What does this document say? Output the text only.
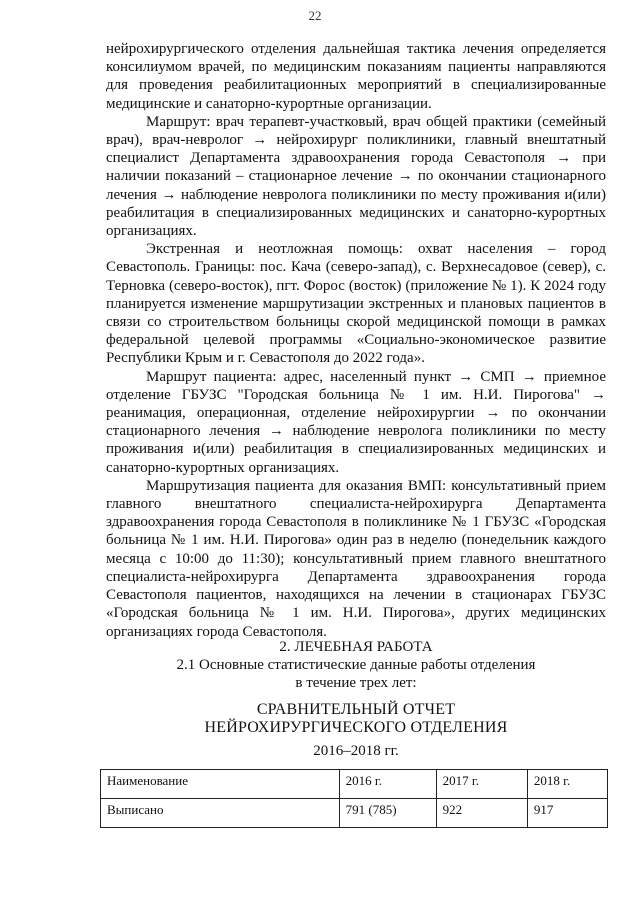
22

нейрохирургического отделения дальнейшая тактика лечения определяется консилиумом врачей, по медицинским показаниям пациенты направляются для проведения реабилитационных мероприятий в специализированные медицинские и санаторно-курортные организации.

Маршрут: врач терапевт-участковый, врач общей практики (семейный врач), врач-невролог → нейрохирург поликлиники, главный внештатный специалист Департамента здравоохранения города Севастополя → при наличии показаний – стационарное лечение → по окончании стационарного лечения → наблюдение невролога поликлиники по месту проживания и(или) реабилитация в специализированных медицинских и санаторно-курортных организациях.

Экстренная и неотложная помощь: охват населения – город Севастополь. Границы: пос. Кача (северо-запад), с. Верхнесадовое (север), с. Терновка (северо-восток), пгт. Форос (восток) (приложение № 1). К 2024 году планируется изменение маршрутизации экстренных и плановых пациентов в связи со строительством больницы скорой медицинской помощи в рамках федеральной целевой программы «Социально-экономическое развитие Республики Крым и г. Севастополя до 2022 года».

Маршрут пациента: адрес, населенный пункт → СМП → приемное отделение ГБУЗС "Городская больница № 1 им. Н.И. Пирогова" → реанимация, операционная, отделение нейрохирургии → по окончании стационарного лечения → наблюдение невролога поликлиники по месту проживания и(или) реабилитация в специализированных медицинских и санаторно-курортных организациях.

Маршрутизация пациента для оказания ВМП: консультативный прием главного внештатного специалиста-нейрохирурга Департамента здравоохранения города Севастополя в поликлинике № 1 ГБУЗС «Городская больница № 1 им. Н.И. Пирогова» один раз в неделю (понедельник каждого месяца с 10:00 до 11:30); консультативный прием главного внештатного специалиста-нейрохирурга Департамента здравоохранения города Севастополя пациентов, находящихся на лечении в стационарах ГБУЗС «Городская больница № 1 им. Н.И. Пирогова», других медицинских организациях города Севастополя.

2. ЛЕЧЕБНАЯ РАБОТА
2.1 Основные статистические данные работы отделения
в течение трех лет:
СРАВНИТЕЛЬНЫЙ ОТЧЕТ
НЕЙРОХИРУРГИЧЕСКОГО ОТДЕЛЕНИЯ
2016–2018 гг.
Наименование	2016 г.	2017 г.	2018 г.
Выписано	791 (785)	922	917
